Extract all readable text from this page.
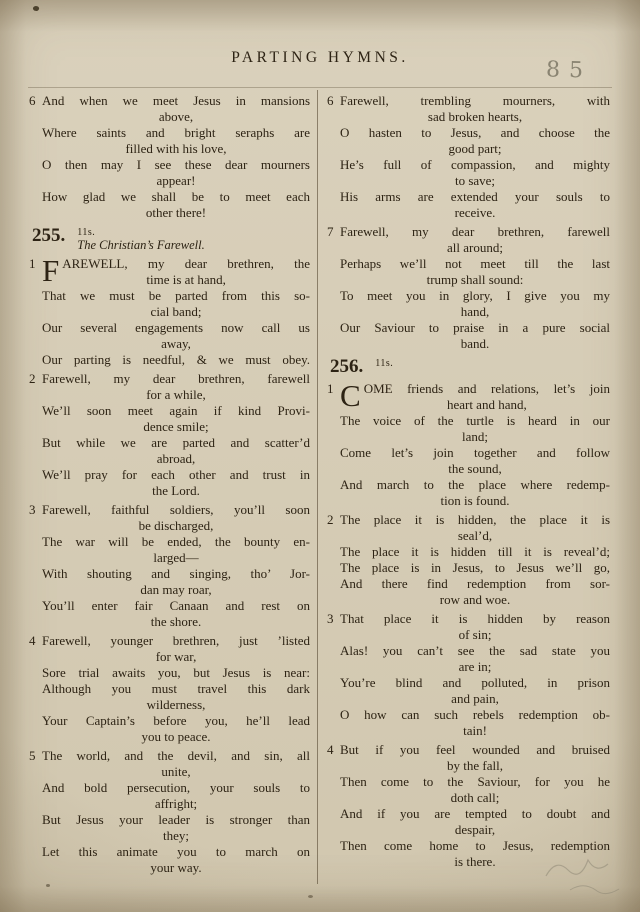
PARTING HYMNS.	85
6 And when we meet Jesus in mansions
above,
Where saints and bright seraphs are
filled with his love,
O then may I see these dear mourners
appear!
How glad we shall be to meet each
other there!
255. 11s.
The Christian’s Farewell.
1 F AREWELL, my dear brethren, the
time is at hand,
That we must be parted from this so-
cial band;
Our several engagements now call us
away,
Our parting is needful, & we must obey.
2 Farewell, my dear brethren, farewell
for a while,
We’ll soon meet again if kind Provi-
dence smile;
But while we are parted and scatter’d
abroad,
We’ll pray for each other and trust in
the Lord.
3 Farewell, faithful soldiers, you’ll soon
be discharged,
The war will be ended, the bounty en-
larged—
With shouting and singing, tho’ Jor-
dan may roar,
You’ll enter fair Canaan and rest on
the shore.
4 Farewell, younger brethren, just ’listed
for war,
Sore trial awaits you, but Jesus is near:
Although you must travel this dark
wilderness,
Your Captain’s before you, he’ll lead
you to peace.
5 The world, and the devil, and sin, all
unite,
And bold persecution, your souls to
affright;
But Jesus your leader is stronger than
they;
Let this animate you to march on
your way.
6 Farewell, trembling mourners, with
sad broken hearts,
O hasten to Jesus, and choose the
good part;
He’s full of compassion, and mighty
to save;
His arms are extended your souls to
receive.
7 Farewell, my dear brethren, farewell
all around;
Perhaps we’ll not meet till the last
trump shall sound:
To meet you in glory, I give you my
hand,
Our Saviour to praise in a pure social
band.
256. 11s.
1 C OME friends and relations, let’s join
heart and hand,
The voice of the turtle is heard in our
land;
Come let’s join together and follow
the sound,
And march to the place where redemp-
tion is found.
2 The place it is hidden, the place it is
seal’d,
The place it is hidden till it is reveal’d;
The place is in Jesus, to Jesus we’ll go,
And there find redemption from sor-
row and woe.
3 That place it is hidden by reason
of sin;
Alas! you can’t see the sad state you
are in;
You’re blind and polluted, in prison
and pain,
O how can such rebels redemption ob-
tain!
4 But if you feel wounded and bruised
by the fall,
Then come to the Saviour, for you he
doth call;
And if you are tempted to doubt and
despair,
Then come home to Jesus, redemption
is there.
